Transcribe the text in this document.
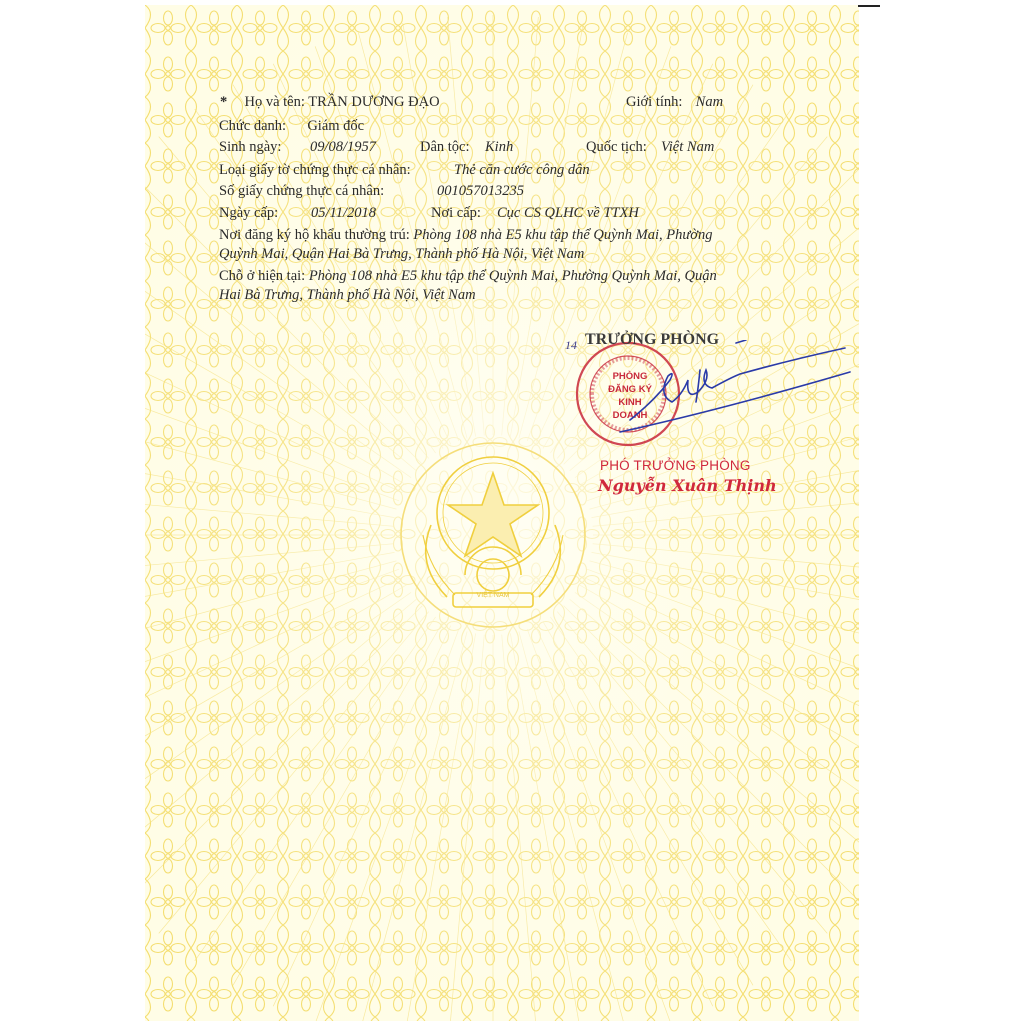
VIỆT NAM
PHÒNG
ĐĂNG KÝ
KINH DOANH
* Họ và tên: TRẦN DƯƠNG ĐẠO	Giới tính: Nam
Chức danh: Giám đốc
Sinh ngày: 09/08/1957	Dân tộc: Kinh	Quốc tịch: Việt Nam
Loại giấy tờ chứng thực cá nhân:	Thẻ căn cước công dân
Số giấy chứng thực cá nhân:	001057013235
Ngày cấp: 05/11/2018	Nơi cấp: Cục CS QLHC về TTXH
Nơi đăng ký hộ khẩu thường trú: Phòng 108 nhà E5 khu tập thể Quỳnh Mai, Phường
Quỳnh Mai, Quận Hai Bà Trưng, Thành phố Hà Nội, Việt Nam
Chỗ ở hiện tại: Phòng 108 nhà E5 khu tập thể Quỳnh Mai, Phường Quỳnh Mai, Quận
Hai Bà Trưng, Thành phố Hà Nội, Việt Nam
14 TRƯỞNG PHÒNG
PHÓ TRƯỞNG PHÒNG
Nguyễn Xuân Thịnh
